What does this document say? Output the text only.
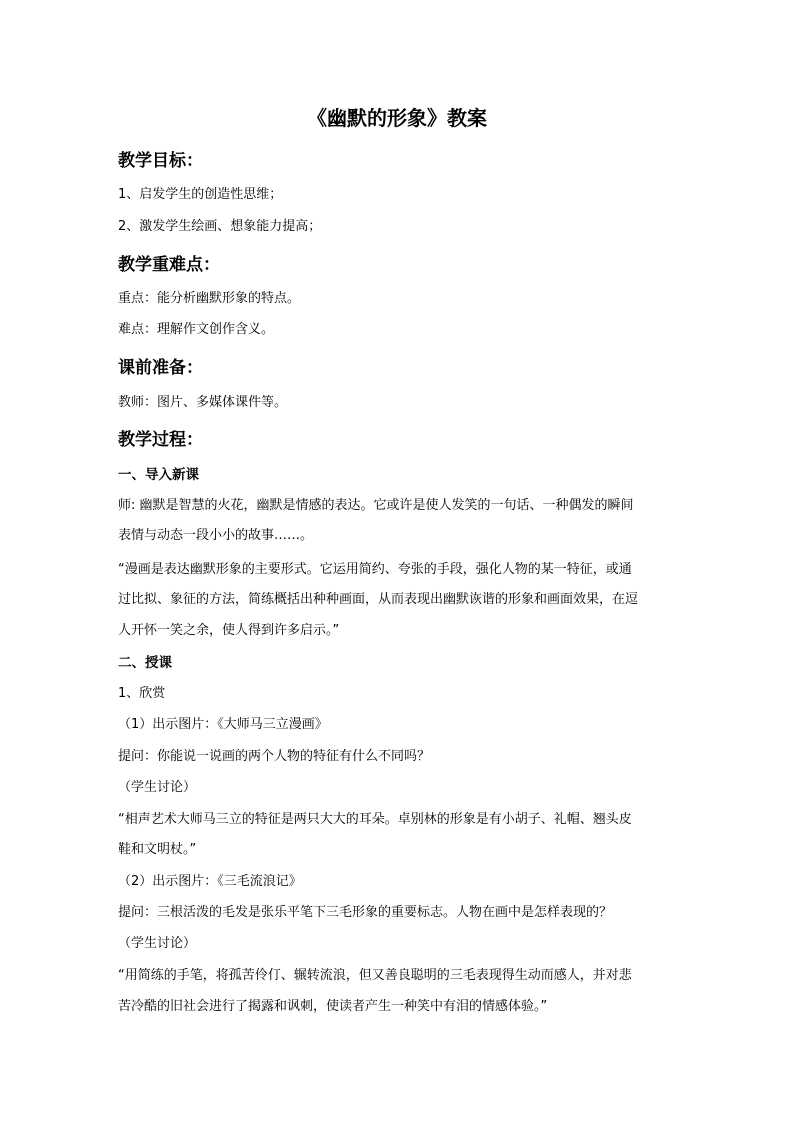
《幽默的形象》教案
教学目标：
1、启发学生的创造性思维；
2、激发学生绘画、想象能力提高；
教学重难点：
重点：能分析幽默形象的特点。
难点：理解作文创作含义。
课前准备：
教师：图片、多媒体课件等。
教学过程：
一、导入新课
师: 幽默是智慧的火花，幽默是情感的表达。它或许是使人发笑的一句话、一种偶发的瞬间
表情与动态一段小小的故事……。
“漫画是表达幽默形象的主要形式。它运用简约、夸张的手段，强化人物的某一特征，或通
过比拟、象征的方法，简练概括出种种画面，从而表现出幽默诙谐的形象和画面效果，在逗
人开怀一笑之余，使人得到许多启示。”
二、授课
1、欣赏
（1）出示图片：《大师马三立漫画》
提问：你能说一说画的两个人物的特征有什么不同吗？
（学生讨论）
“相声艺术大师马三立的特征是两只大大的耳朵。卓别林的形象是有小胡子、礼帽、翘头皮
鞋和文明杖。”
（2）出示图片：《三毛流浪记》
提问：三根活泼的毛发是张乐平笔下三毛形象的重要标志。人物在画中是怎样表现的？
（学生讨论）
“用简练的手笔，将孤苦伶仃、辗转流浪，但又善良聪明的三毛表现得生动而感人，并对悲
苦冷酷的旧社会进行了揭露和讽刺，使读者产生一种笑中有泪的情感体验。”
